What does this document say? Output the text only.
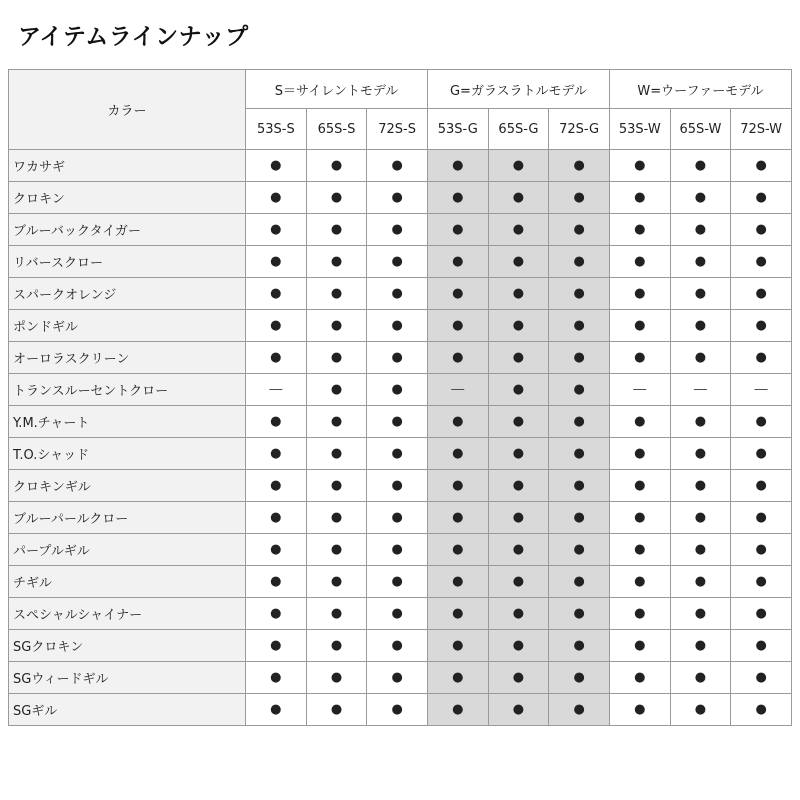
アイテムラインナップ
カラー	S＝サイレントモデル			G=ガラスラトルモデル			W=ウーファーモデル		
	53S-S	65S-S	72S-S	53S-G	65S-G	72S-G	53S-W	65S-W	72S-W
ワカサギ	●	●	●	●	●	●	●	●	●
クロキン	●	●	●	●	●	●	●	●	●
ブルーバックタイガー	●	●	●	●	●	●	●	●	●
リバースクロー	●	●	●	●	●	●	●	●	●
スパークオレンジ	●	●	●	●	●	●	●	●	●
ポンドギル	●	●	●	●	●	●	●	●	●
オーロラスクリーン	●	●	●	●	●	●	●	●	●
トランスルーセントクロー	―	●	●	―	●	●	―	―	―
Y.M.チャート	●	●	●	●	●	●	●	●	●
T.O.シャッド	●	●	●	●	●	●	●	●	●
クロキンギル	●	●	●	●	●	●	●	●	●
ブルーパールクロー	●	●	●	●	●	●	●	●	●
パープルギル	●	●	●	●	●	●	●	●	●
チギル	●	●	●	●	●	●	●	●	●
スペシャルシャイナー	●	●	●	●	●	●	●	●	●
SGクロキン	●	●	●	●	●	●	●	●	●
SGウィードギル	●	●	●	●	●	●	●	●	●
SGギル	●	●	●	●	●	●	●	●	●
